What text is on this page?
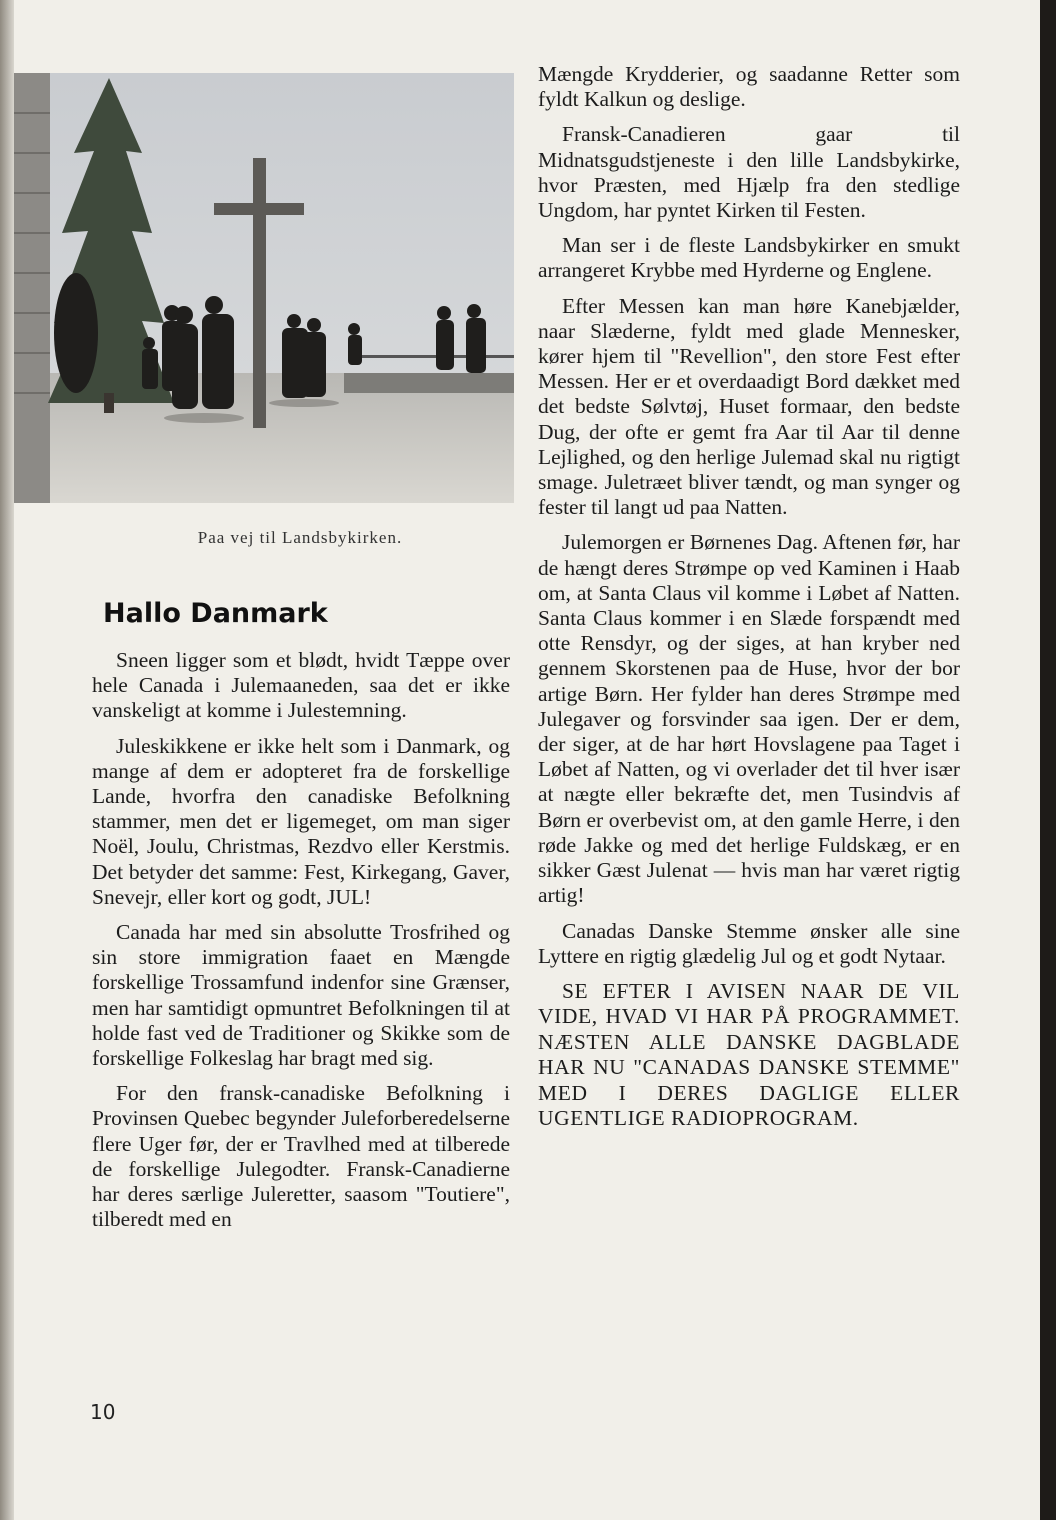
Paa vej til Landsbykirken.
Hallo Danmark

Sneen ligger som et blødt, hvidt Tæppe over hele Canada i Julemaaneden, saa det er ikke vanskeligt at komme i Julestemning.

Juleskikkene er ikke helt som i Danmark, og mange af dem er adopteret fra de forskellige Lande, hvorfra den canadiske Befolkning stammer, men det er ligemeget, om man siger Noël, Joulu, Christmas, Rezdvo eller Kerstmis. Det betyder det samme: Fest, Kirkegang, Gaver, Snevejr, eller kort og godt, JUL!

Canada har med sin absolutte Trosfrihed og sin store immigration faaet en Mængde forskellige Trossamfund indenfor sine Grænser, men har samtidigt opmuntret Befolkningen til at holde fast ved de Traditioner og Skikke som de forskellige Folkeslag har bragt med sig.

For den fransk-canadiske Befolkning i Provinsen Quebec begynder Juleforberedelserne flere Uger før, der er Travlhed med at tilberede de forskellige Julegodter. Fransk-Canadierne har deres særlige Juleretter, saasom "Toutiere", tilberedt med en

Mængde Krydderier, og saadanne Retter som fyldt Kalkun og deslige.

Fransk-Canadieren gaar til Midnatsgudstjeneste i den lille Landsbykirke, hvor Præsten, med Hjælp fra den stedlige Ungdom, har pyntet Kirken til Festen.

Man ser i de fleste Landsbykirker en smukt arrangeret Krybbe med Hyrderne og Englene.

Efter Messen kan man høre Kanebjælder, naar Slæderne, fyldt med glade Mennesker, kører hjem til "Revellion", den store Fest efter Messen. Her er et overdaadigt Bord dækket med det bedste Sølvtøj, Huset formaar, den bedste Dug, der ofte er gemt fra Aar til Aar til denne Lejlighed, og den herlige Julemad skal nu rigtigt smage. Juletræet bliver tændt, og man synger og fester til langt ud paa Natten.

Julemorgen er Børnenes Dag. Aftenen før, har de hængt deres Strømpe op ved Kaminen i Haab om, at Santa Claus vil komme i Løbet af Natten. Santa Claus kommer i en Slæde forspændt med otte Rensdyr, og der siges, at han kryber ned gennem Skorstenen paa de Huse, hvor der bor artige Børn. Her fylder han deres Strømpe med Julegaver og forsvinder saa igen. Der er dem, der siger, at de har hørt Hovslagene paa Taget i Løbet af Natten, og vi overlader det til hver især at nægte eller bekræfte det, men Tusindvis af Børn er overbevist om, at den gamle Herre, i den røde Jakke og med det herlige Fuldskæg, er en sikker Gæst Julenat — hvis man har været rigtig artig!

Canadas Danske Stemme ønsker alle sine Lyttere en rigtig glædelig Jul og et godt Nytaar.

SE EFTER I AVISEN NAAR DE VIL VIDE, HVAD VI HAR PÅ PROGRAMMET. NÆSTEN ALLE DANSKE DAGBLADE HAR NU "CANADAS DANSKE STEMME" MED I DERES DAGLIGE ELLER UGENTLIGE RADIOPROGRAM.

10
